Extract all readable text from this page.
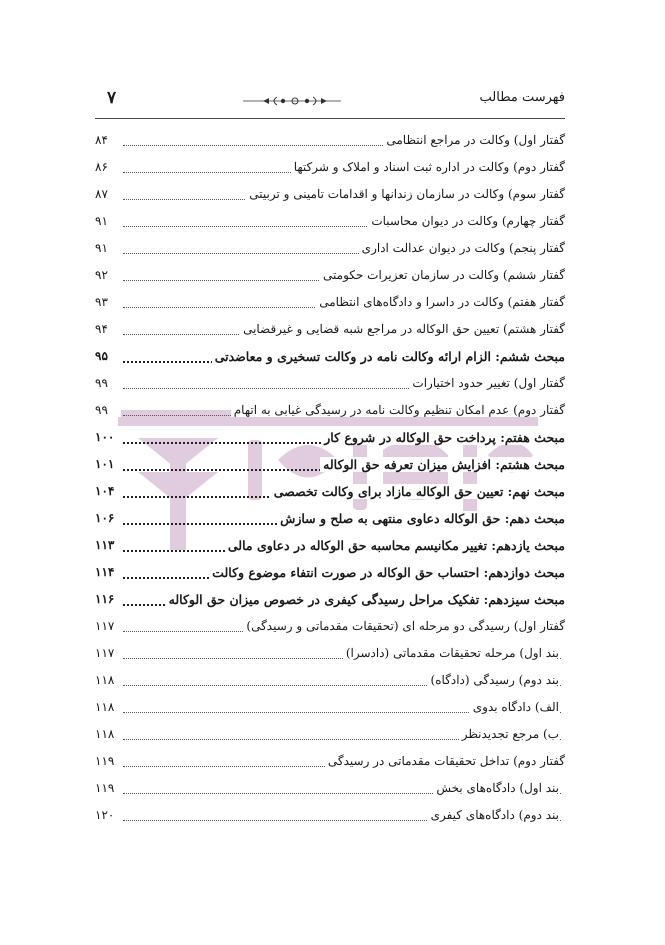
۷	فهرست مطالب
گفتار اول) وکالت در مراجع انتظامی
۸۴
گفتار دوم) وکالت در اداره ثبت اسناد و املاک و شرکتها
۸۶
گفتار سوم) وکالت در سازمان زندانها و اقدامات تامینی و تربیتی
۸۷
گفتار چهارم) وکالت در دیوان محاسبات
۹۱
گفتار پنجم) وکالت در دیوان عدالت اداری
۹۱
گفتار ششم) وکالت در سازمان تعزیرات حکومتی
۹۲
گفتار هفتم) وکالت در داسرا و دادگاه‌های انتظامی
۹۳
گفتار هشتم) تعیین حق الوکاله در مراجع شبه قضایی و غیرقضایی
۹۴
مبحث ششم: الزام ارائه وکالت نامه در وکالت تسخیری و معاضدتی
۹۵
گفتار اول) تغییر حدود اختیارات
۹۹
گفتار دوم) عدم امکان تنظیم وکالت نامه در رسیدگی غیابی به اتهام
۹۹
مبحث هفتم: پرداخت حق الوکاله در شروع کار
۱۰۰
مبحث هشتم: افزایش میزان تعرفه حق الوکاله
۱۰۱
مبحث نهم: تعیین حق الوکاله مازاد برای وکالت تخصصی
۱۰۴
مبحث دهم: حق الوکاله دعاوی منتهی به صلح و سازش
۱۰۶
مبحث یازدهم: تغییر مکانیسم محاسبه حق الوکاله در دعاوی مالی
۱۱۳
مبحث دوازدهم: احتساب حق الوکاله در صورت انتفاء موضوع وکالت
۱۱۴
مبحث سیزدهم: تفکیک مراحل رسیدگی کیفری در خصوص میزان حق الوکاله
۱۱۶
گفتار اول) رسیدگی دو مرحله ای (تحقیقات مقدماتی و رسیدگی)
۱۱۷
بند اول) مرحله تحقیقات مقدماتی (دادسرا)
۱۱۷
بند دوم) رسیدگی (دادگاه)
۱۱۸
الف) دادگاه بدوی
۱۱۸
ب) مرجع تجدیدنظر
۱۱۸
گفتار دوم) تداخل تحقیقات مقدماتی در رسیدگی
۱۱۹
بند اول) دادگاه‌های بخش
۱۱۹
بند دوم) دادگاه‌های کیفری
۱۲۰
